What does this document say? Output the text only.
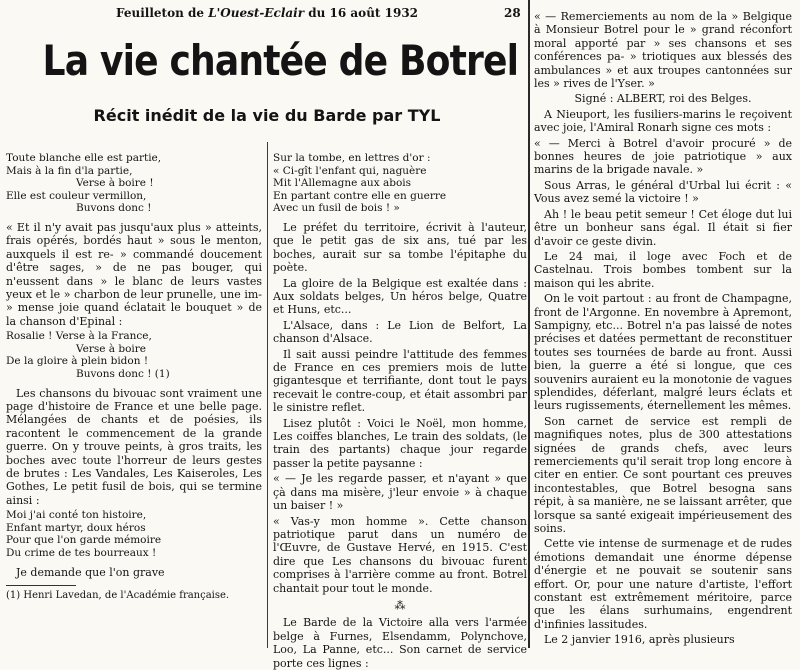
Feuilleton de L'Ouest-Eclair du 16 août 1932	28
La vie chantée de Botrel
Récit inédit de la vie du Barde par TYL
Toute blanche elle est partie,
Mais à la fin d'la partie,
Verse à boire !
Elle est couleur vermillon,
Buvons donc !

« Et il n'y avait pas jusqu'aux plus » atteints, frais opérés, bordés haut » sous le menton, auxquels il est re- » commandé doucement d'être sages, » de ne pas bouger, qui n'eussent dans » le blanc de leurs vastes yeux et le » charbon de leur prunelle, une im- » mense joie quand éclatait le bouquet » de la chanson d'Epinal :

Rosalie ! Verse à la France,
Verse à boire
De la gloire à plein bidon !
Buvons donc ! (1)

Les chansons du bivouac sont vraiment une page d'histoire de France et une belle page. Mélangées de chants et de poésies, ils racontent le commencement de la grande guerre. On y trouve peints, à gros traits, les boches avec toute l'horreur de leurs gestes de brutes : Les Vandales, Les Kaiseroles, Les Gothes, Le petit fusil de bois, qui se termine ainsi :

Moi j'ai conté ton histoire,
Enfant martyr, doux héros
Pour que l'on garde mémoire
Du crime de tes bourreaux !

Je demande que l'on grave

(1) Henri Lavedan, de l'Académie française.

Sur la tombe, en lettres d'or :
« Ci-gît l'enfant qui, naguère
Mit l'Allemagne aux abois
En partant contre elle en guerre
Avec un fusil de bois ! »

Le préfet du territoire, écrivit à l'auteur, que le petit gas de six ans, tué par les boches, aurait sur sa tombe l'épitaphe du poète.

La gloire de la Belgique est exaltée dans : Aux soldats belges, Un héros belge, Quatre et Huns, etc...

L'Alsace, dans : Le Lion de Belfort, La chanson d'Alsace.

Il sait aussi peindre l'attitude des femmes de France en ces premiers mois de lutte gigantesque et terrifiante, dont tout le pays recevait le contre-coup, et était assombri par le sinistre reflet.

Lisez plutôt : Voici le Noël, mon homme, Les coiffes blanches, Le train des soldats, (le train des partants) chaque jour regarde passer la petite paysanne :

« — Je les regarde passer, et n'ayant » que çà dans ma misère, j'leur envoie » à chaque un baiser ! »

« Vas-y mon homme ». Cette chanson patriotique parut dans un numéro de l'Œuvre, de Gustave Hervé, en 1915. C'est dire que Les chansons du bivouac furent comprises à l'arrière comme au front. Botrel chantait pour tout le monde.

⁂

Le Barde de la Victoire alla vers l'armée belge à Furnes, Elsendamm, Polynchove, Loo, La Panne, etc... Son carnet de service porte ces lignes :

« — Remerciements au nom de la » Belgique à Monsieur Botrel pour le » grand réconfort moral apporté par » ses chansons et ses conférences pa- » triotiques aux blessés des ambulances » et aux troupes cantonnées sur les » rives de l'Yser. »

Signé : ALBERT, roi des Belges.

A Nieuport, les fusiliers-marins le reçoivent avec joie, l'Amiral Ronarh signe ces mots :

« — Merci à Botrel d'avoir procuré » de bonnes heures de joie patriotique » aux marins de la brigade navale. »

Sous Arras, le général d'Urbal lui écrit : « Vous avez semé la victoire ! »

Ah ! le beau petit semeur ! Cet éloge dut lui être un bonheur sans égal. Il était si fier d'avoir ce geste divin.

Le 24 mai, il loge avec Foch et de Castelnau. Trois bombes tombent sur la maison qui les abrite.

On le voit partout : au front de Champagne, front de l'Argonne. En novembre à Apremont, Sampigny, etc... Botrel n'a pas laissé de notes précises et datées permettant de reconstituer toutes ses tournées de barde au front. Aussi bien, la guerre a été si longue, que ces souvenirs auraient eu la monotonie de vagues splendides, déferlant, malgré leurs éclats et leurs rugissements, éternellement les mêmes.

Son carnet de service est rempli de magnifiques notes, plus de 300 attestations signées de grands chefs, avec leurs remerciements qu'il serait trop long encore à citer en entier. Ce sont pourtant ces preuves incontestables, que Botrel besogna sans répit, à sa manière, ne se laissant arrêter, que lorsque sa santé exigeait impérieusement des soins.

Cette vie intense de surmenage et de rudes émotions demandait une énorme dépense d'énergie et ne pouvait se soutenir sans effort. Or, pour une nature d'artiste, l'effort constant est extrêmement méritoire, parce que les élans surhumains, engendrent d'infinies lassitudes.

Le 2 janvier 1916, après plusieurs
